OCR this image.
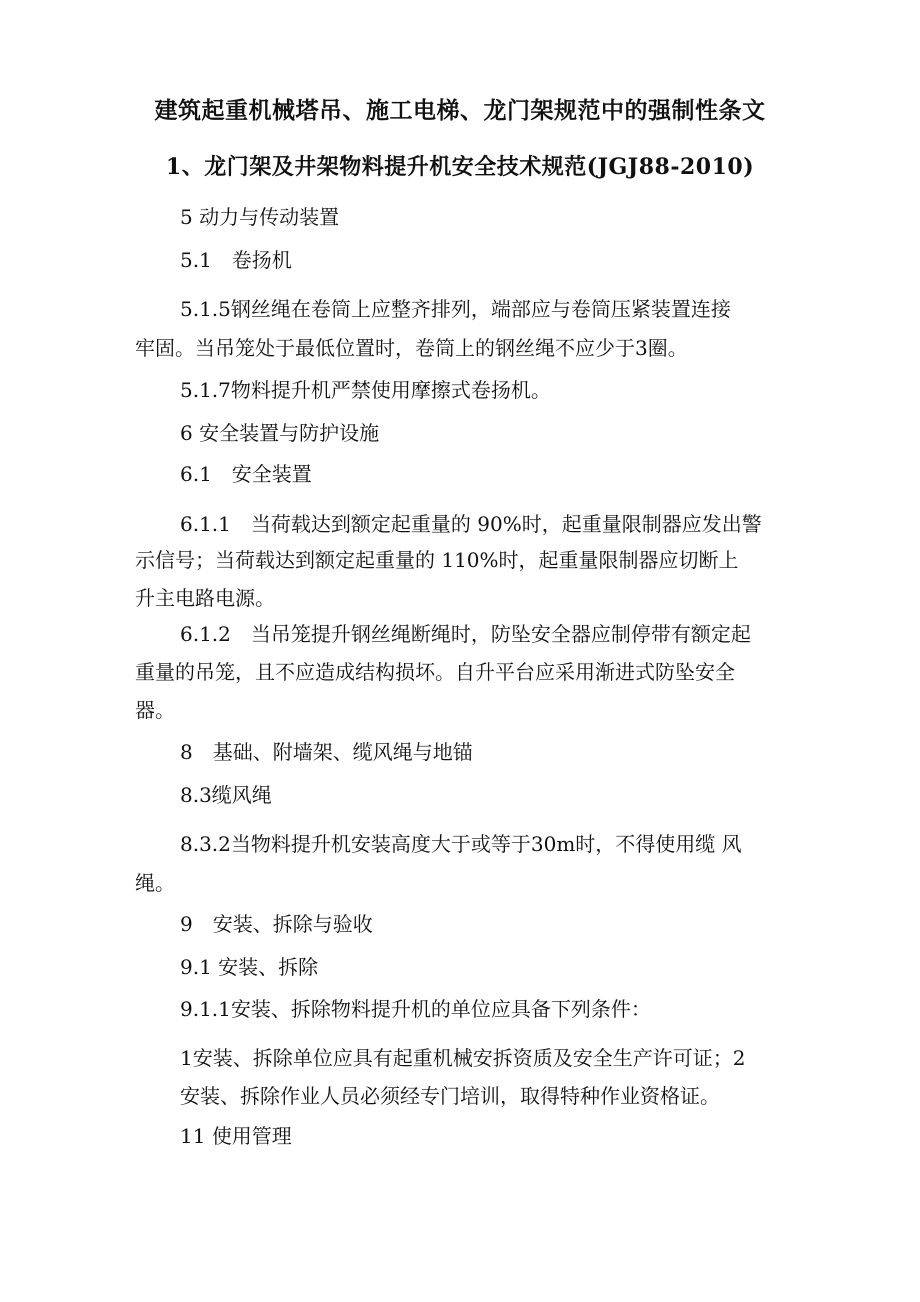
建筑起重机械塔吊、施工电梯、龙门架规范中的强制性条文
1、龙门架及井架物料提升机安全技术规范(JGJ88-2010)
5 动力与传动装置
5.1　卷扬机
5.1.5钢丝绳在卷筒上应整齐排列，端部应与卷筒压紧装置连接
牢固。当吊笼处于最低位置时，卷筒上的钢丝绳不应少于3圈。
5.1.7物料提升机严禁使用摩擦式卷扬机。
6 安全装置与防护设施
6.1　安全装置
6.1.1　当荷载达到额定起重量的 90%时，起重量限制器应发出警
示信号；当荷载达到额定起重量的 110%时，起重量限制器应切断上
升主电路电源。
6.1.2　当吊笼提升钢丝绳断绳时，防坠安全器应制停带有额定起
重量的吊笼，且不应造成结构损坏。自升平台应采用渐进式防坠安全
器。
8　基础、附墙架、缆风绳与地锚
8.3缆风绳
8.3.2当物料提升机安装高度大于或等于30m时，不得使用缆 风
绳。
9　安装、拆除与验收
9.1 安装、拆除
9.1.1安装、拆除物料提升机的单位应具备下列条件：
1安装、拆除单位应具有起重机械安拆资质及安全生产许可证；2
安装、拆除作业人员必须经专门培训，取得特种作业资格证。
11 使用管理
